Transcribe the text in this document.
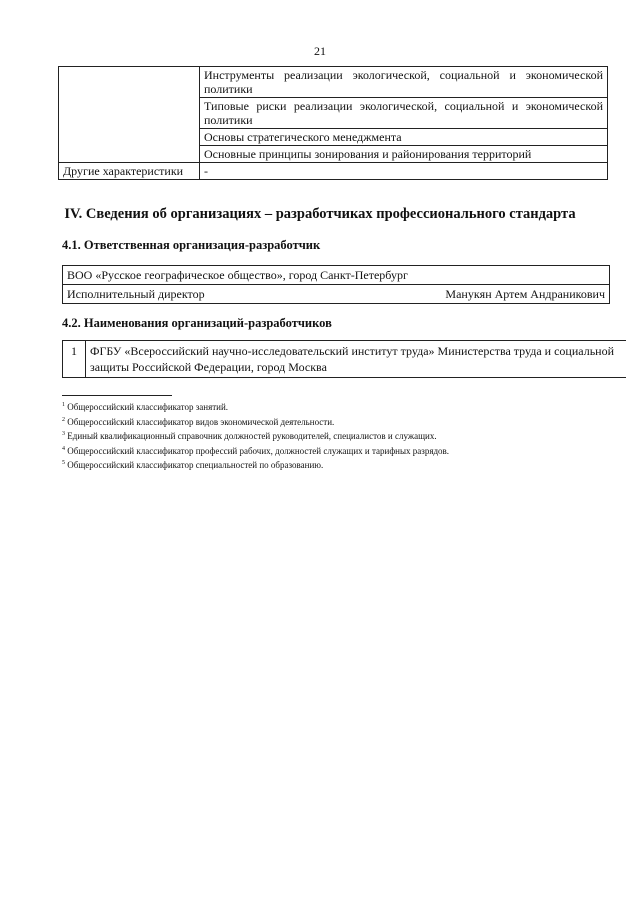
21
	Инструменты реализации экологической, социальной и экономической политики
	Типовые риски реализации экологической, социальной и экономической политики
	Основы стратегического менеджмента
	Основные принципы зонирования и районирования территорий
Другие характеристики	-
IV. Сведения об организациях – разработчиках профессионального стандарта
4.1. Ответственная организация-разработчик
ВОО «Русское географическое общество», город Санкт-Петербург

Исполнительный директор	Манукян Артем Андраникович
4.2. Наименования организаций-разработчиков
1	ФГБУ «Всероссийский научно-исследовательский институт труда» Министерства труда и социальной защиты Российской Федерации, город Москва
$^1$ Общероссийский классификатор занятий.
$^2$ Общероссийский классификатор видов экономической деятельности.
$^3$ Единый квалификационный справочник должностей руководителей, специалистов и служащих.
$^4$ Общероссийский классификатор профессий рабочих, должностей служащих и тарифных разрядов.
$^5$ Общероссийский классификатор специальностей по образованию.
